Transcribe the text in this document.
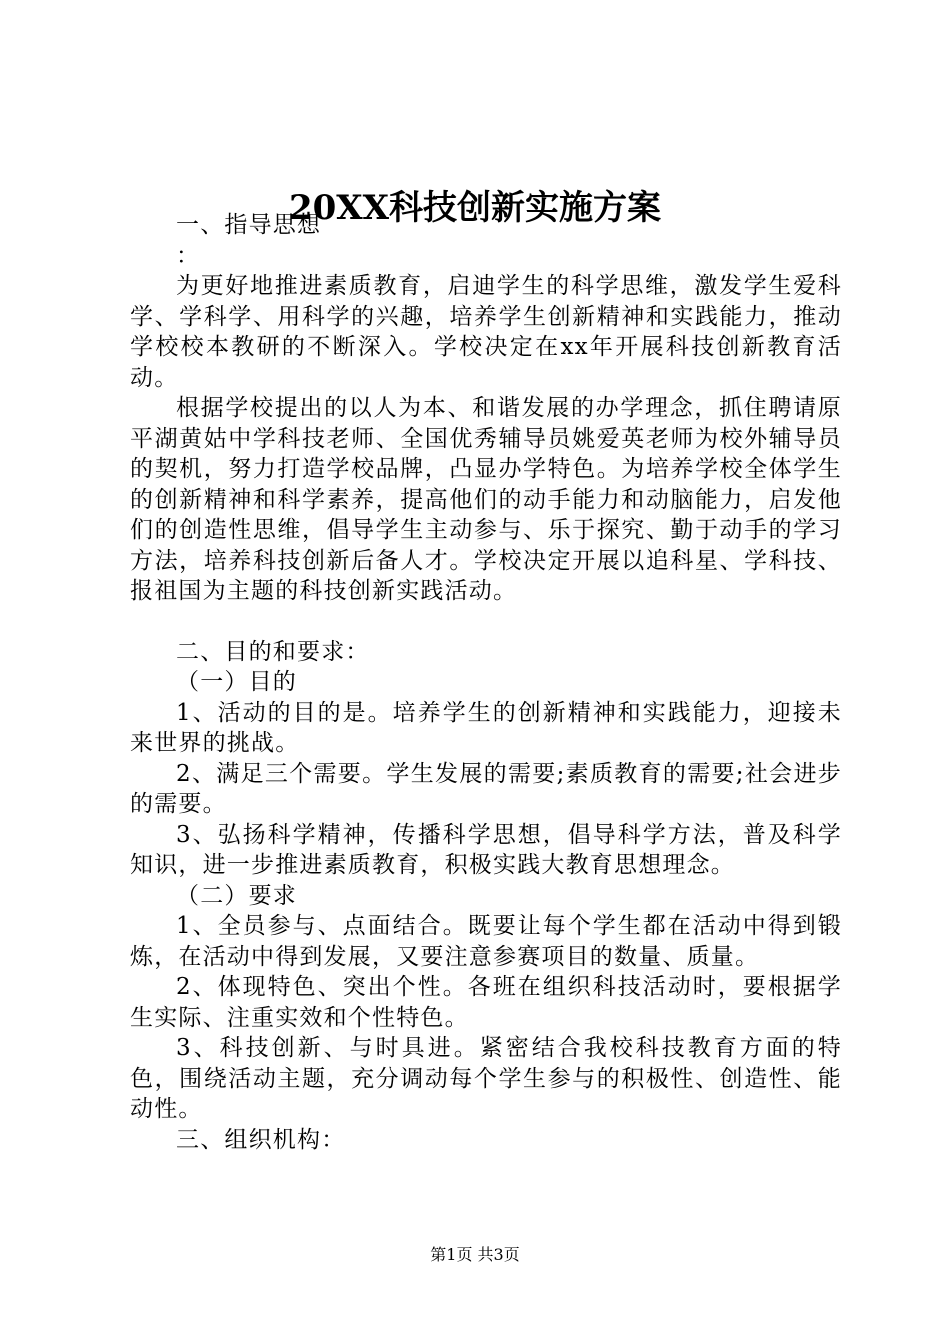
20XX科技创新实施方案

一、指导思想

：

为更好地推进素质教育，启迪学生的科学思维，激发学生爱科学、学科学、用科学的兴趣，培养学生创新精神和实践能力，推动学校校本教研的不断深入。学校决定在xx年开展科技创新教育活动。

根据学校提出的以人为本、和谐发展的办学理念，抓住聘请原平湖黄姑中学科技老师、全国优秀辅导员姚爱英老师为校外辅导员的契机，努力打造学校品牌，凸显办学特色。为培养学校全体学生的创新精神和科学素养，提高他们的动手能力和动脑能力，启发他们的创造性思维，倡导学生主动参与、乐于探究、勤于动手的学习方法，培养科技创新后备人才。学校决定开展以追科星、学科技、报祖国为主题的科技创新实践活动。

二、目的和要求：

（一）目的

1、活动的目的是。培养学生的创新精神和实践能力，迎接未来世界的挑战。

2、满足三个需要。学生发展的需要;素质教育的需要;社会进步的需要。

3、弘扬科学精神，传播科学思想，倡导科学方法，普及科学知识，进一步推进素质教育，积极实践大教育思想理念。

（二）要求

1、全员参与、点面结合。既要让每个学生都在活动中得到锻炼，在活动中得到发展，又要注意参赛项目的数量、质量。

2、体现特色、突出个性。各班在组织科技活动时，要根据学生实际、注重实效和个性特色。

3、科技创新、与时具进。紧密结合我校科技教育方面的特色，围绕活动主题，充分调动每个学生参与的积极性、创造性、能动性。

三、组织机构：

第1页 共3页
